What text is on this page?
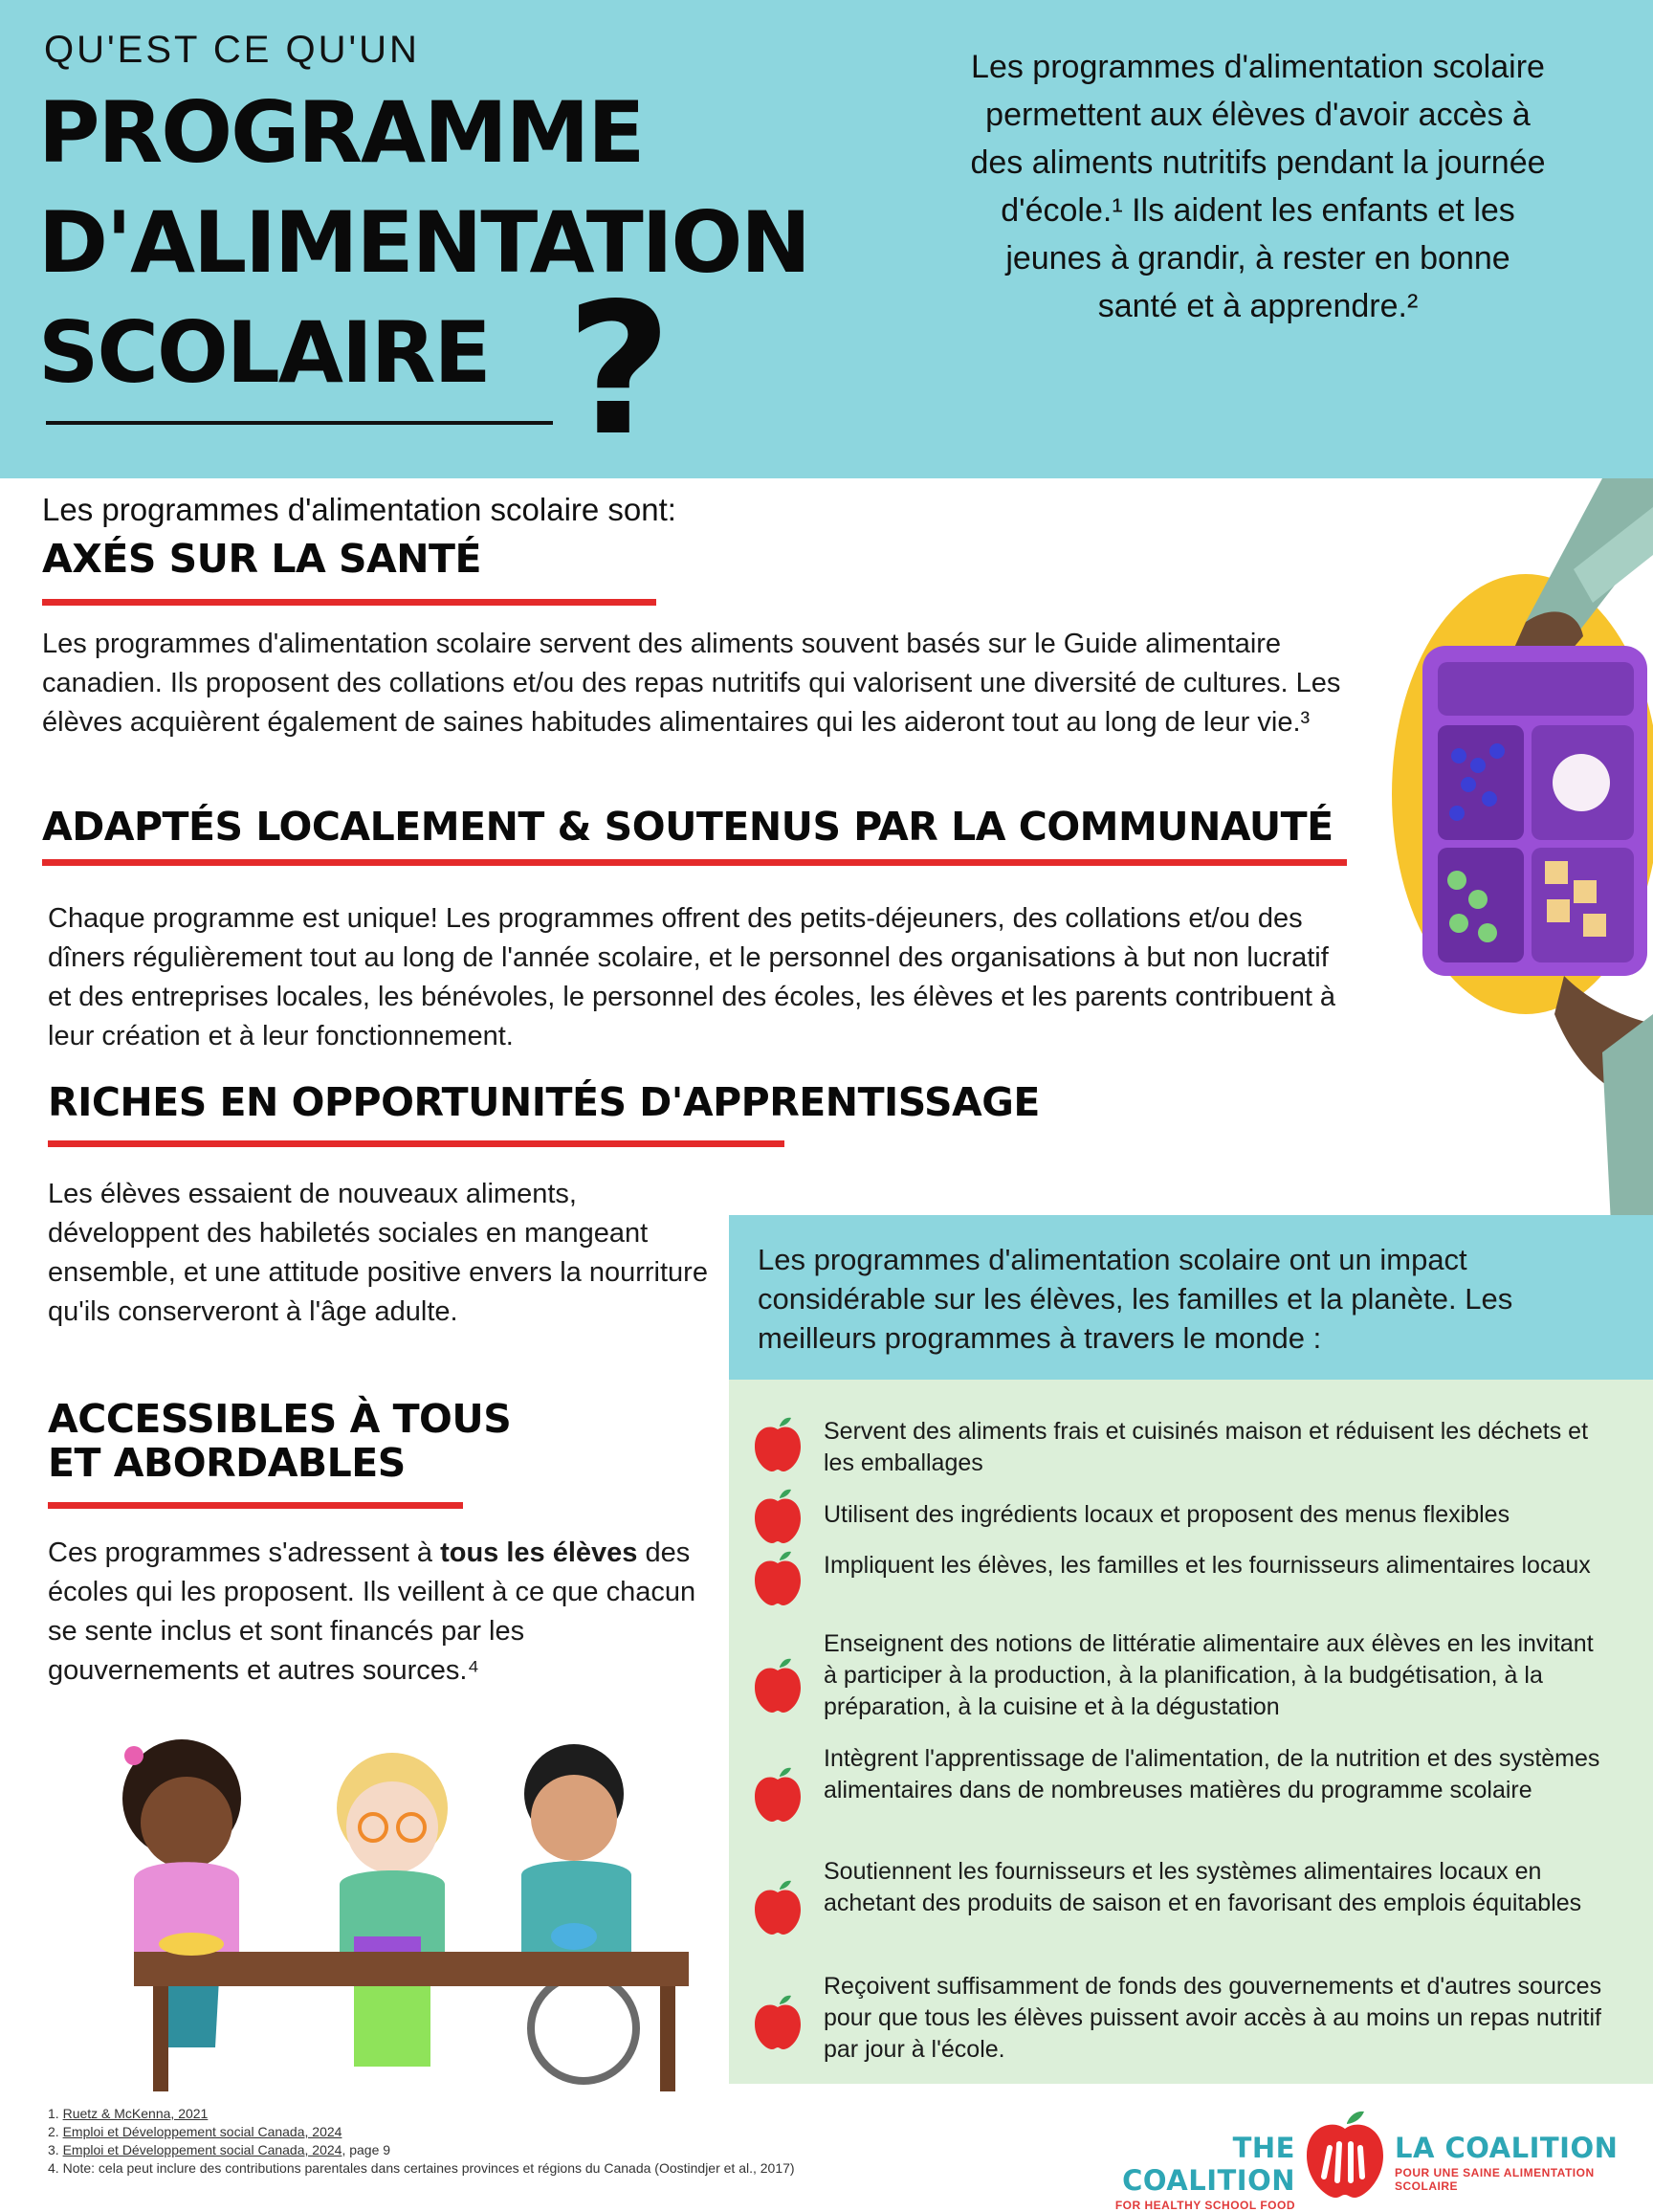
QU'EST CE QU'UN
PROGRAMME
D'ALIMENTATION
SCOLAIRE ?
Les programmes d'alimentation scolaire permettent aux élèves d'avoir accès à des aliments nutritifs pendant la journée d'école.¹ Ils aident les enfants et les jeunes à grandir, à rester en bonne santé et à apprendre.²
Les programmes d'alimentation scolaire sont:
AXÉS SUR LA SANTÉ
Les programmes d'alimentation scolaire servent des aliments souvent basés sur le Guide alimentaire canadien. Ils proposent des collations et/ou des repas nutritifs qui valorisent une diversité de cultures. Les élèves acquièrent également de saines habitudes alimentaires qui les aideront tout au long de leur vie.³
ADAPTÉS LOCALEMENT & SOUTENUS PAR LA COMMUNAUTÉ
Chaque programme est unique! Les programmes offrent des petits-déjeuners, des collations et/ou des dîners régulièrement tout au long de l'année scolaire, et le personnel des organisations à but non lucratif et des entreprises locales, les bénévoles, le personnel des écoles, les élèves et les parents contribuent à leur création et à leur fonctionnement.
RICHES EN OPPORTUNITÉS D'APPRENTISSAGE
Les élèves essaient de nouveaux aliments, développent des habiletés sociales en mangeant ensemble, et une attitude positive envers la nourriture qu'ils conserveront à l'âge adulte.
ACCESSIBLES À TOUS
ET ABORDABLES
Ces programmes s'adressent à tous les élèves des écoles qui les proposent. Ils veillent à ce que chacun se sente inclus et sont financés par les gouvernements et autres sources.⁴
Les programmes d'alimentation scolaire ont un impact considérable sur les élèves, les familles et la planète. Les meilleurs programmes à travers le monde :
Servent des aliments frais et cuisinés maison et réduisent les déchets et les emballages
Utilisent des ingrédients locaux et proposent des menus flexibles
Impliquent les élèves, les familles et les fournisseurs alimentaires locaux
Enseignent des notions de littératie alimentaire aux élèves en les invitant à participer à la production, à la planification, à la budgétisation, à la préparation, à la cuisine et à la dégustation
Intègrent l'apprentissage de l'alimentation, de la nutrition et des systèmes alimentaires dans de nombreuses matières du programme scolaire
Soutiennent les fournisseurs et les systèmes alimentaires locaux en achetant des produits de saison et en favorisant des emplois équitables
Reçoivent suffisamment de fonds des gouvernements et d'autres sources pour que tous les élèves puissent avoir accès à au moins un repas nutritif par jour à l'école.
1. Ruetz & McKenna, 2021
2. Emploi et Développement social Canada, 2024
3. Emploi et Développement social Canada, 2024, page 9
4. Note: cela peut inclure des contributions parentales dans certaines provinces et régions du Canada (Oostindjer et al., 2017)
THE COALITION
FOR HEALTHY SCHOOL FOOD
LA COALITION
POUR UNE SAINE ALIMENTATION SCOLAIRE
